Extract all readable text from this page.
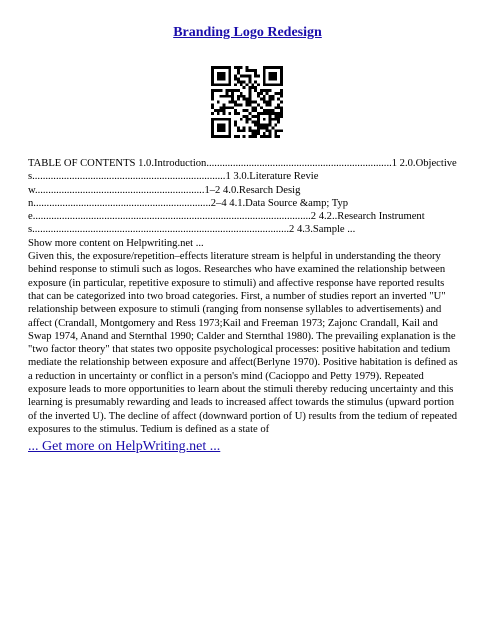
Branding Logo Redesign

TABLE OF CONTENTS 1.0.Introduction......................................................................1 2.0.Objectives.........................................................................1 3.0.Literature Review................................................................1–2 4.0.Resarch Design...................................................................2–4 4.1.Data Source &amp; Type.........................................................................................................2 4.2..Research Instruments.................................................................................................2 4.3.Sample ...

Show more content on Helpwriting.net ...

Given this, the exposure/repetition–effects literature stream is helpful in understanding the theory behind response to stimuli such as logos. Researches who have examined the relationship between exposure (in particular, repetitive exposure to stimuli) and affective response have reported results that can be categorized into two broad categories. First, a number of studies report an inverted "U" relationship between exposure to stimuli (ranging from nonsense syllables to advertisements) and affect (Crandall, Montgomery and Ress 1973;Kail and Freeman 1973; Zajonc Crandall, Kail and Swap 1974, Anand and Sternthal 1990; Calder and Sternthal 1980). The prevailing explanation is the "two factor theory" that states two opposite psychological processes: positive habitation and tedium mediate the relationship between exposure and affect(Berlyne 1970). Positive habitation is defined as a reduction in uncertainty or conflict in a person's mind (Cacioppo and Petty 1979). Repeated exposure leads to more opportunities to learn about the stimuli thereby reducing uncertainty and this learning is presumably rewarding and leads to increased affect towards the stimulus (upward portion of the inverted U). The decline of affect (downward portion of U) results from the tedium of repeated exposures to the stimulus. Tedium is defined as a state of

... Get more on HelpWriting.net ...
